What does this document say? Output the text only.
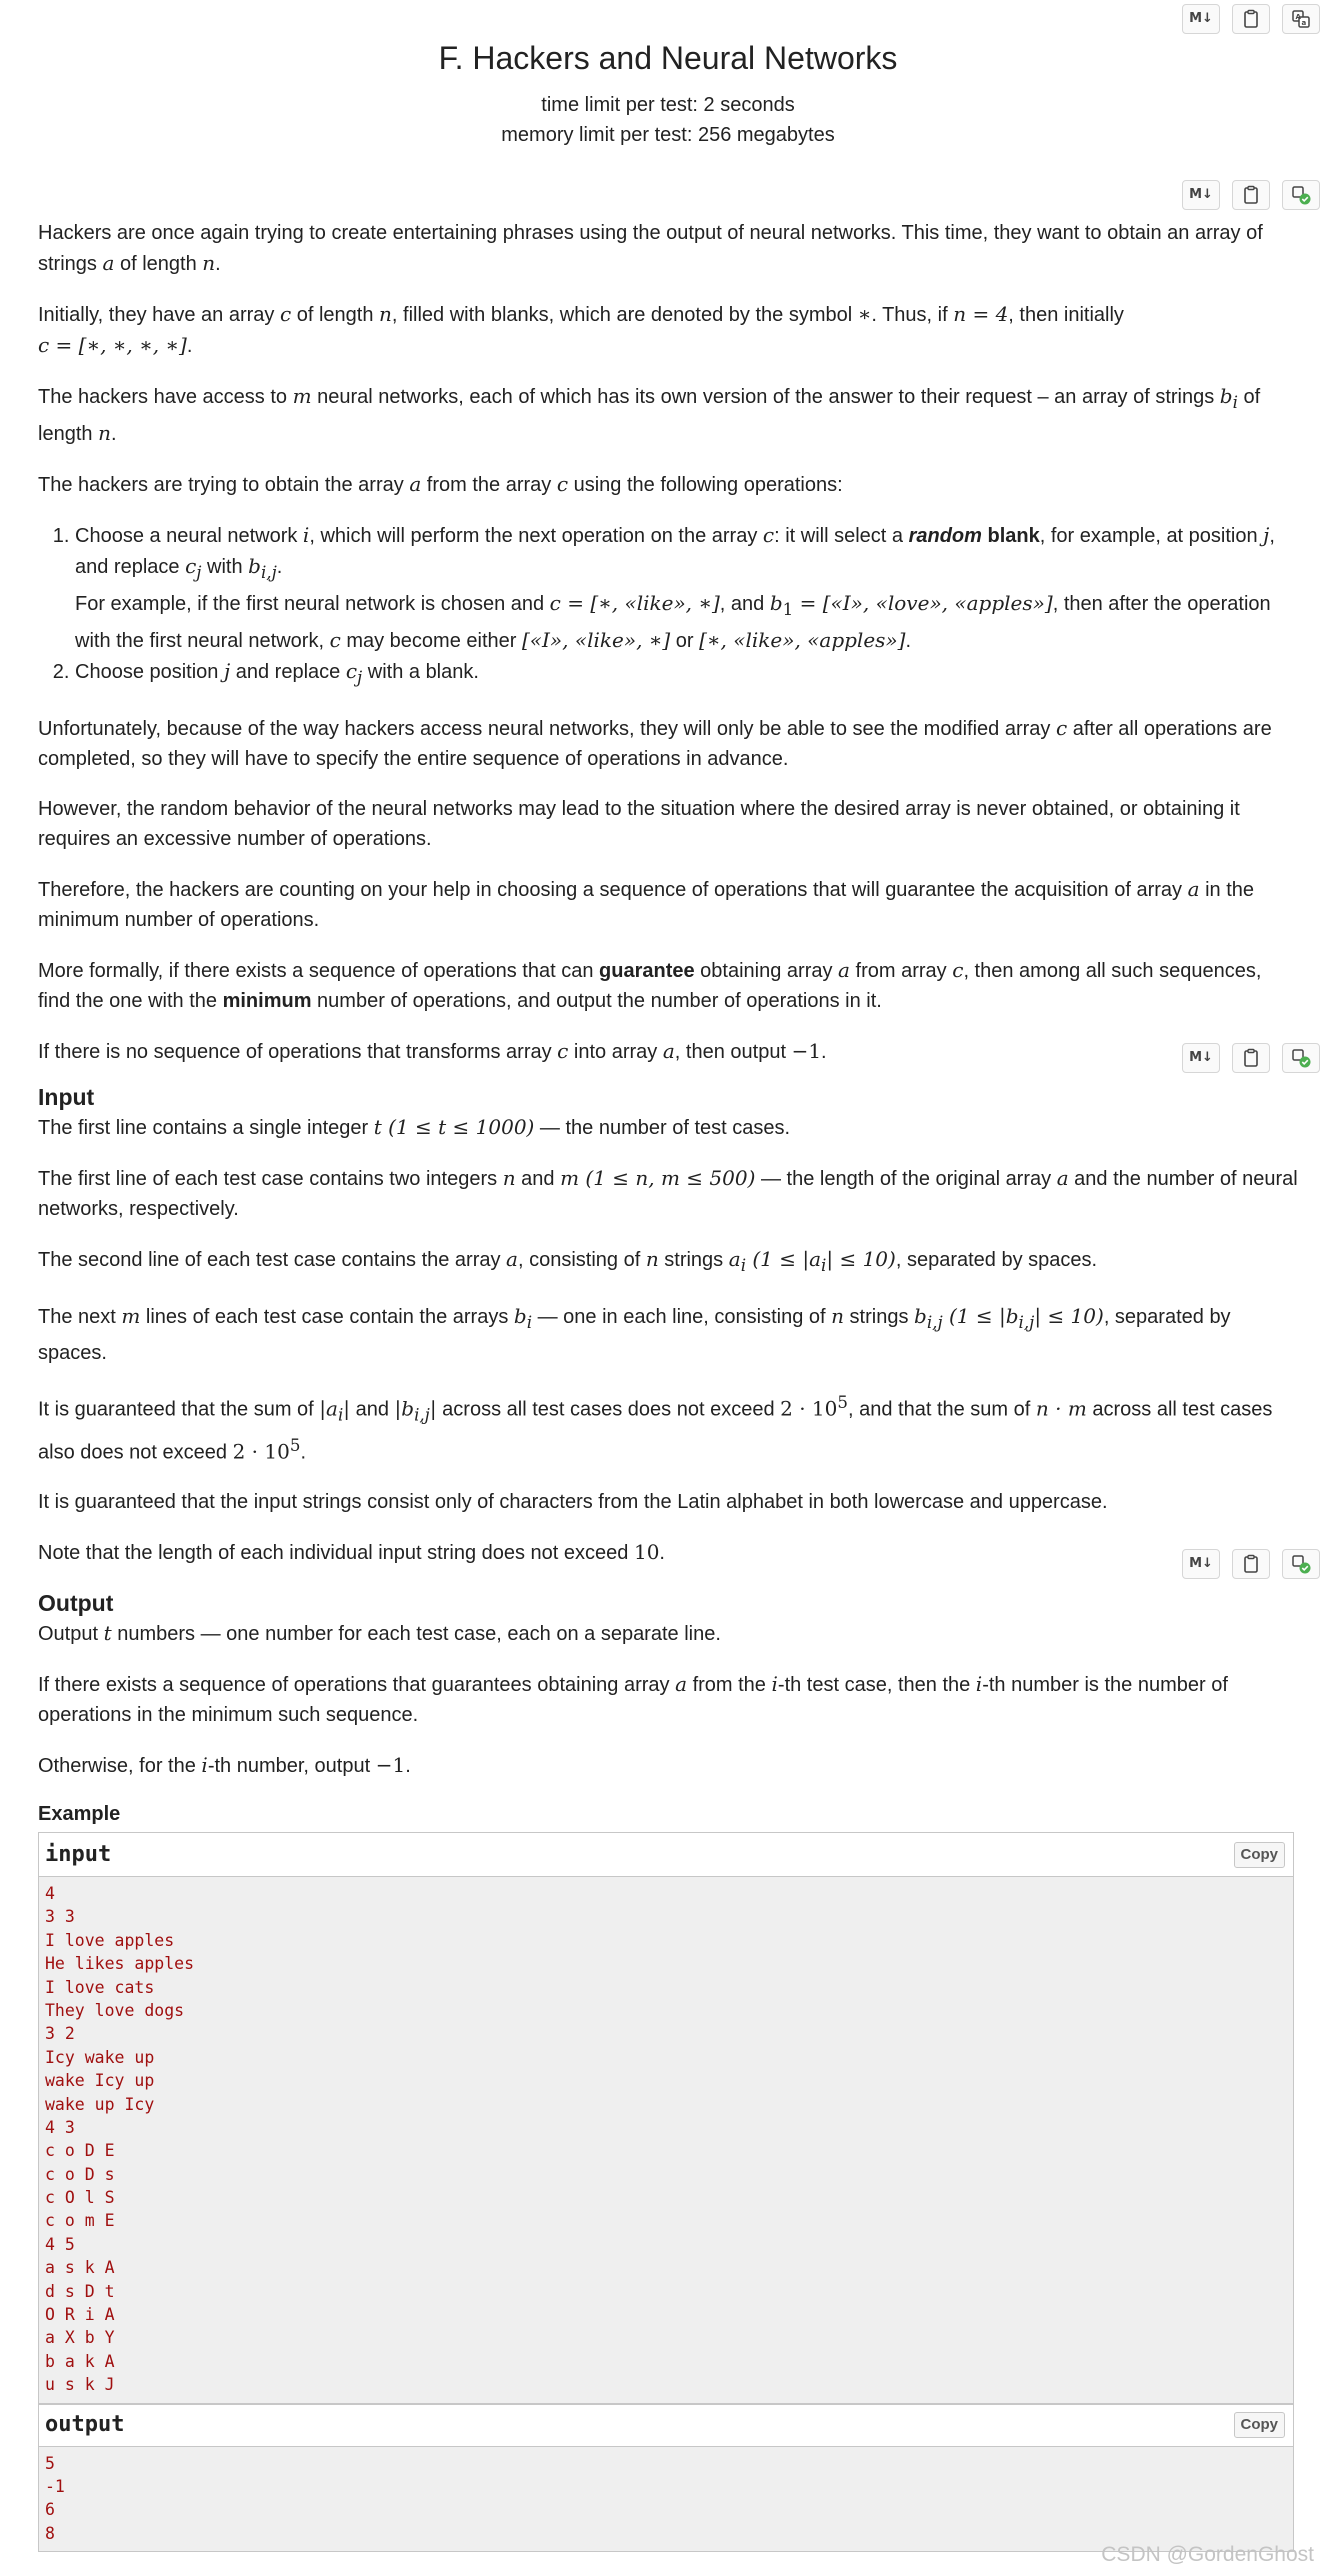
M↓	A
a
F. Hackers and Neural Networks

time limit per test: 2 seconds

memory limit per test: 256 megabytes

M↓

Hackers are once again trying to create entertaining phrases using the output of neural networks. This time, they want to obtain an array of strings a of length n.

Initially, they have an array c of length n, filled with blanks, which are denoted by the symbol ∗. Thus, if n = 4, then initially
c = [∗, ∗, ∗, ∗].

The hackers have access to m neural networks, each of which has its own version of the answer to their request – an array of strings $b_i$ of length n.

The hackers are trying to obtain the array a from the array c using the following operations:

1. Choose a neural network i, which will perform the next operation on the array c: it will select a random blank, for example, at position j, and replace $c_j$ with $b_{i,j}$.
For example, if the first neural network is chosen and c = [∗, «like», ∗], and $b_1$ = [«I», «love», «apples»], then after the operation with the first neural network, c may become either [«I», «like», ∗] or [∗, «like», «apples»].
2. Choose position j and replace $c_j$ with a blank.

Unfortunately, because of the way hackers access neural networks, they will only be able to see the modified array c after all operations are completed, so they will have to specify the entire sequence of operations in advance.

However, the random behavior of the neural networks may lead to the situation where the desired array is never obtained, or obtaining it requires an excessive number of operations.

Therefore, the hackers are counting on your help in choosing a sequence of operations that will guarantee the acquisition of array a in the minimum number of operations.

More formally, if there exists a sequence of operations that can guarantee obtaining array a from array c, then among all such sequences, find the one with the minimum number of operations, and output the number of operations in it.

If there is no sequence of operations that transforms array c into array a, then output −1.	M↓
Input

The first line contains a single integer t (1 ≤ t ≤ 1000) — the number of test cases.

The first line of each test case contains two integers n and m (1 ≤ n, m ≤ 500) — the length of the original array a and the number of neural networks, respectively.

The second line of each test case contains the array a, consisting of n strings $a_i$ $(1 \le |a_i| \le 10)$, separated by spaces.

The next m lines of each test case contain the arrays $b_i$ — one in each line, consisting of n strings $b_{i,j}$ $(1 \le |b_{i,j}| \le 10)$, separated by spaces.

It is guaranteed that the sum of $|a_i|$ and $|b_{i,j}|$ across all test cases does not exceed $2 \cdot 10^5$, and that the sum of n · m across all test cases also does not exceed $2 \cdot 10^5$.

It is guaranteed that the input strings consist only of characters from the Latin alphabet in both lowercase and uppercase.

Note that the length of each individual input string does not exceed 10.	M↓
Output

Output t numbers — one number for each test case, each on a separate line.

If there exists a sequence of operations that guarantees obtaining array a from the i-th test case, then the i-th number is the number of operations in the minimum such sequence.

Otherwise, for the i-th number, output −1.

Example
input	Copy
4
3 3
I love apples
He likes apples
I love cats
They love dogs
3 2
Icy wake up
wake Icy up
wake up Icy
4 3
c o D E
c o D s
c O l S
c o m E
4 5
a s k A
d s D t
O R i A
a X b Y
b a k A
u s k J
output	Copy
5
-1
6
8
CSDN @GordenGhost
